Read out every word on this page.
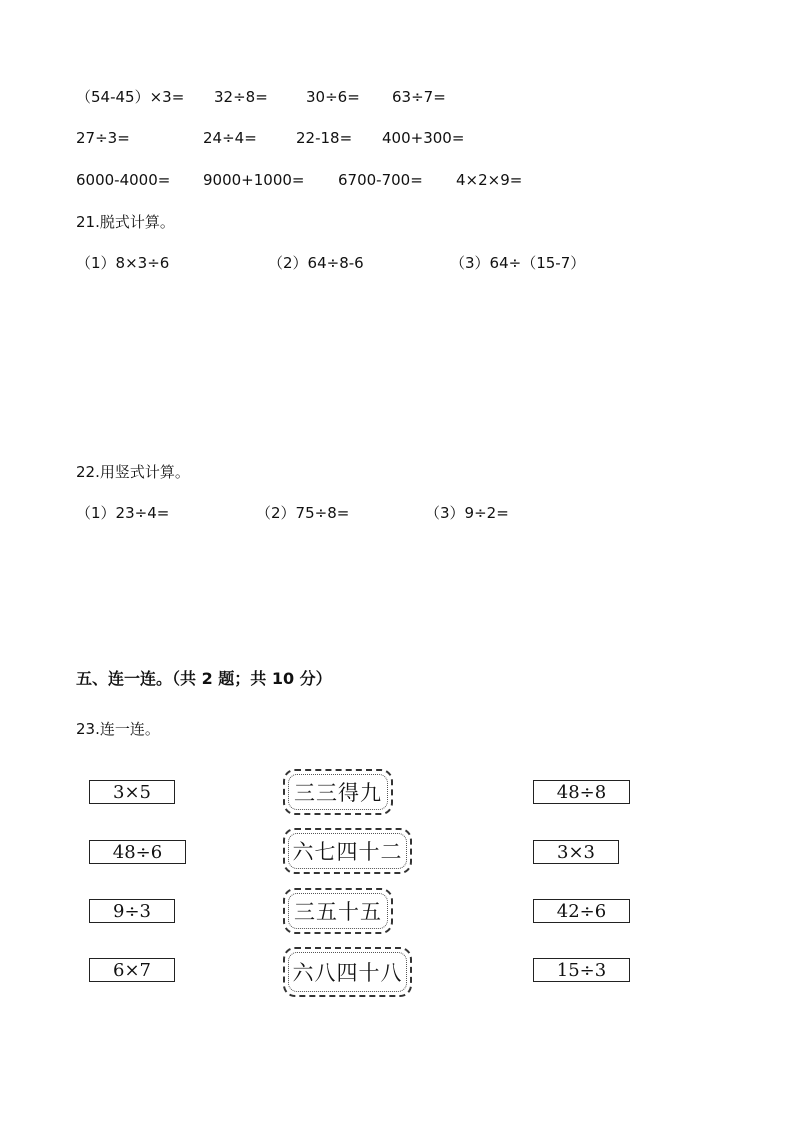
（54-45）×3= 32÷8=	30÷6= 63÷7=
27÷3=	24÷4=	22-18= 400+300=
6000-4000= 9000+1000= 6700-700= 4×2×9=
21.脱式计算。
（1）8×3÷6	（2）64÷8-6	（3）64÷（15-7）
22.用竖式计算。
（1）23÷4=	（2）75÷8=	（3）9÷2=
五、连一连。（共 2 题；共 10 分）
23.连一连。
3×5
48÷6
9÷3
6×7
三三得九
六七四十二
三五十五
六八四十八
48÷8
3×3
42÷6
15÷3
